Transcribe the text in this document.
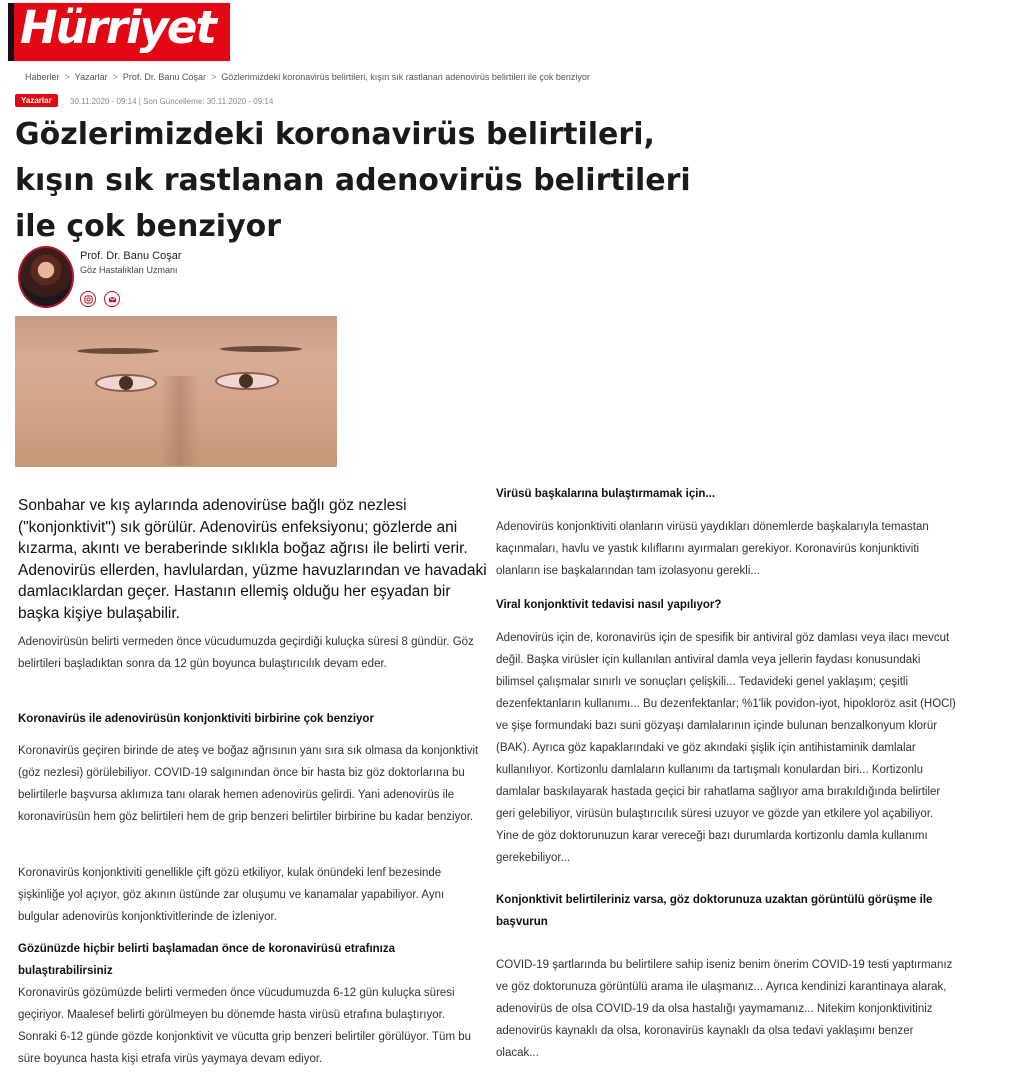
Hürriyet
Haberler > Yazarlar > Prof. Dr. Banu Coşar > Gözlerimizdeki koronavirüs belirtileri, kışın sık rastlanan adenovirüs belirtileri ile çok benziyor
Yazarlar	30.11.2020 - 09:14 | Son Güncelleme: 30.11.2020 - 09:14
Gözlerimizdeki koronavirüs belirtileri, kışın sık rastlanan adenovirüs belirtileri ile çok benziyor
Prof. Dr. Banu Coşar
Göz Hastalıkları Uzmanı

Sonbahar ve kış aylarında adenovirüse bağlı göz nezlesi ("konjonktivit") sık görülür. Adenovirüs enfeksiyonu; gözlerde ani kızarma, akıntı ve beraberinde sıklıkla boğaz ağrısı ile belirti verir. Adenovirüs ellerden, havlulardan, yüzme havuzlarından ve havadaki damlacıklardan geçer. Hastanın ellemiş olduğu her eşyadan bir başka kişiye bulaşabilir.

Adenovirüsün belirti vermeden önce vücudumuzda geçirdiği kuluçka süresi 8 gündür. Göz belirtileri başladıktan sonra da 12 gün boyunca bulaştırıcılık devam eder.

Koronavirüs ile adenovirüsün konjonktiviti birbirine çok benziyor

Koronavirüs geçiren birinde de ateş ve boğaz ağrısının yanı sıra sık olmasa da konjonktivit (göz nezlesi) görülebiliyor. COVID-19 salgınından önce bir hasta biz göz doktorlarına bu belirtilerle başvursa aklımıza tanı olarak hemen adenovirüs gelirdi. Yani adenovirüs ile koronavirüsün hem göz belirtileri hem de grip benzeri belirtiler birbirine bu kadar benziyor.

Koronavirüs konjonktiviti genellikle çift gözü etkiliyor, kulak önündeki lenf bezesinde şişkinliğe yol açıyor, göz akının üstünde zar oluşumu ve kanamalar yapabiliyor. Aynı bulgular adenovirüs konjonktivitlerinde de izleniyor.

Gözünüzde hiçbir belirti başlamadan önce de koronavirüsü etrafınıza bulaştırabilirsiniz

Koronavirüs gözümüzde belirti vermeden önce vücudumuzda 6-12 gün kuluçka süresi geçiriyor. Maalesef belirti görülmeyen bu dönemde hasta virüsü etrafına bulaştırıyor. Sonraki 6-12 günde gözde konjonktivit ve vücutta grip benzeri belirtiler görülüyor. Tüm bu süre boyunca hasta kişi etrafa virüs yaymaya devam ediyor.

Virüsü başkalarına bulaştırmamak için...

Adenovirüs konjonktiviti olanların virüsü yaydıkları dönemlerde başkalarıyla temastan kaçınmaları, havlu ve yastık kılıflarını ayırmaları gerekiyor. Koronavirüs konjunktiviti olanların ise başkalarından tam izolasyonu gerekli...

Viral konjonktivit tedavisi nasıl yapılıyor?

Adenovirüs için de, koronavirüs için de spesifik bir antiviral göz damlası veya ilacı mevcut değil. Başka virüsler için kullanılan antiviral damla veya jellerin faydası konusundaki bilimsel çalışmalar sınırlı ve sonuçları çelişkili... Tedavideki genel yaklaşım; çeşitli dezenfektanların kullanımı... Bu dezenfektanlar; %1'lik povidon-iyot, hipokloröz asit (HOCl) ve şişe formundaki bazı suni gözyaşı damlalarının içinde bulunan benzalkonyum klorür (BAK). Ayrıca göz kapaklarındaki ve göz akındaki şişlik için antihistaminik damlalar kullanılıyor. Kortizonlu damlaların kullanımı da tartışmalı konulardan biri... Kortizonlu damlalar baskılayarak hastada geçici bir rahatlama sağlıyor ama bırakıldığında belirtiler geri gelebiliyor, virüsün bulaştırıcılık süresi uzuyor ve gözde yan etkilere yol açabiliyor. Yine de göz doktorunuzun karar vereceği bazı durumlarda kortizonlu damla kullanımı gerekebiliyor...

Konjonktivit belirtileriniz varsa, göz doktorunuza uzaktan görüntülü görüşme ile başvurun

COVID-19 şartlarında bu belirtilere sahip iseniz benim önerim COVID-19 testi yaptırmanız ve göz doktorunuza görüntülü arama ile ulaşmanız... Ayrıca kendinizi karantinaya alarak, adenovirüs de olsa COVID-19 da olsa hastalığı yaymamanız... Nitekim konjonktivitiniz adenovirüs kaynaklı da olsa, koronavirüs kaynaklı da olsa tedavi yaklaşımı benzer olacak...
